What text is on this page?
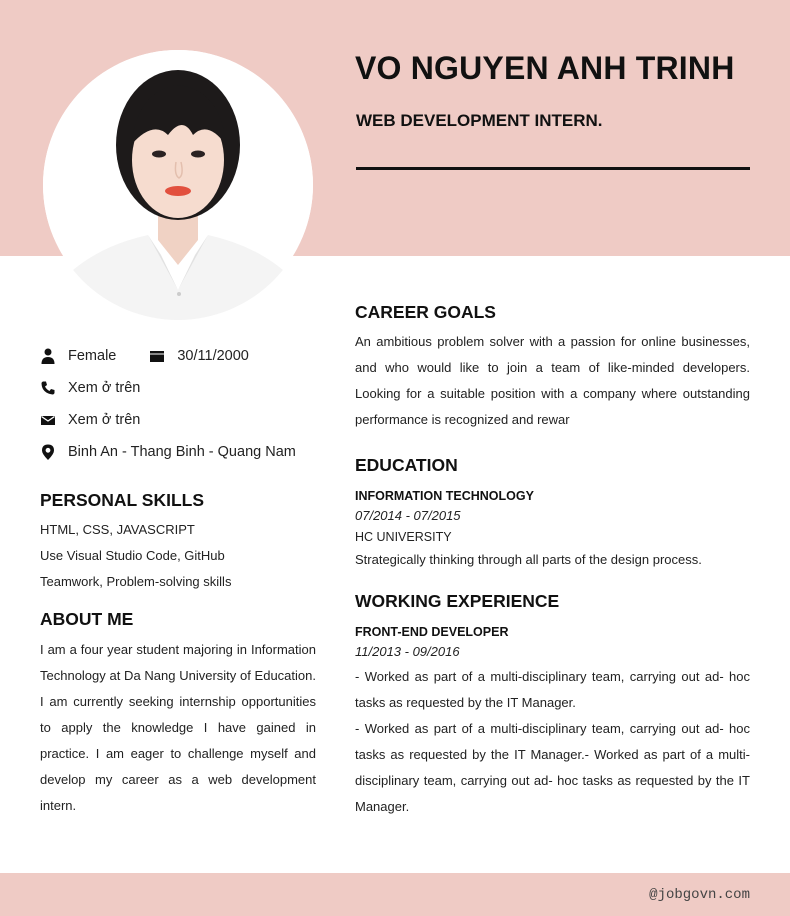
VO NGUYEN ANH TRINH
WEB DEVELOPMENT INTERN.
Female	30/11/2000
Xem ở trên
Xem ở trên
Binh An - Thang Binh - Quang Nam
PERSONAL SKILLS
HTML, CSS, JAVASCRIPT
Use Visual Studio Code, GitHub
Teamwork, Problem-solving skills
ABOUT ME
I am a four year student majoring in Information Technology at Da Nang University of Education. I am currently seeking internship opportunities to apply the knowledge I have gained in practice. I am eager to challenge myself and develop my career as a web development intern.
CAREER GOALS
An ambitious problem solver with a passion for online businesses, and who would like to join a team of like-minded developers. Looking for a suitable position with a company where outstanding performance is recognized and rewar
EDUCATION
INFORMATION TECHNOLOGY
07/2014 - 07/2015
HC UNIVERSITY
Strategically thinking through all parts of the design process.
WORKING EXPERIENCE
FRONT-END DEVELOPER
11/2013 - 09/2016
- Worked as part of a multi-disciplinary team, carrying out ad- hoc tasks as requested by the IT Manager.
- Worked as part of a multi-disciplinary team, carrying out ad- hoc tasks as requested by the IT Manager.- Worked as part of a multi-disciplinary team, carrying out ad- hoc tasks as requested by the IT Manager.
@jobgovn.com
